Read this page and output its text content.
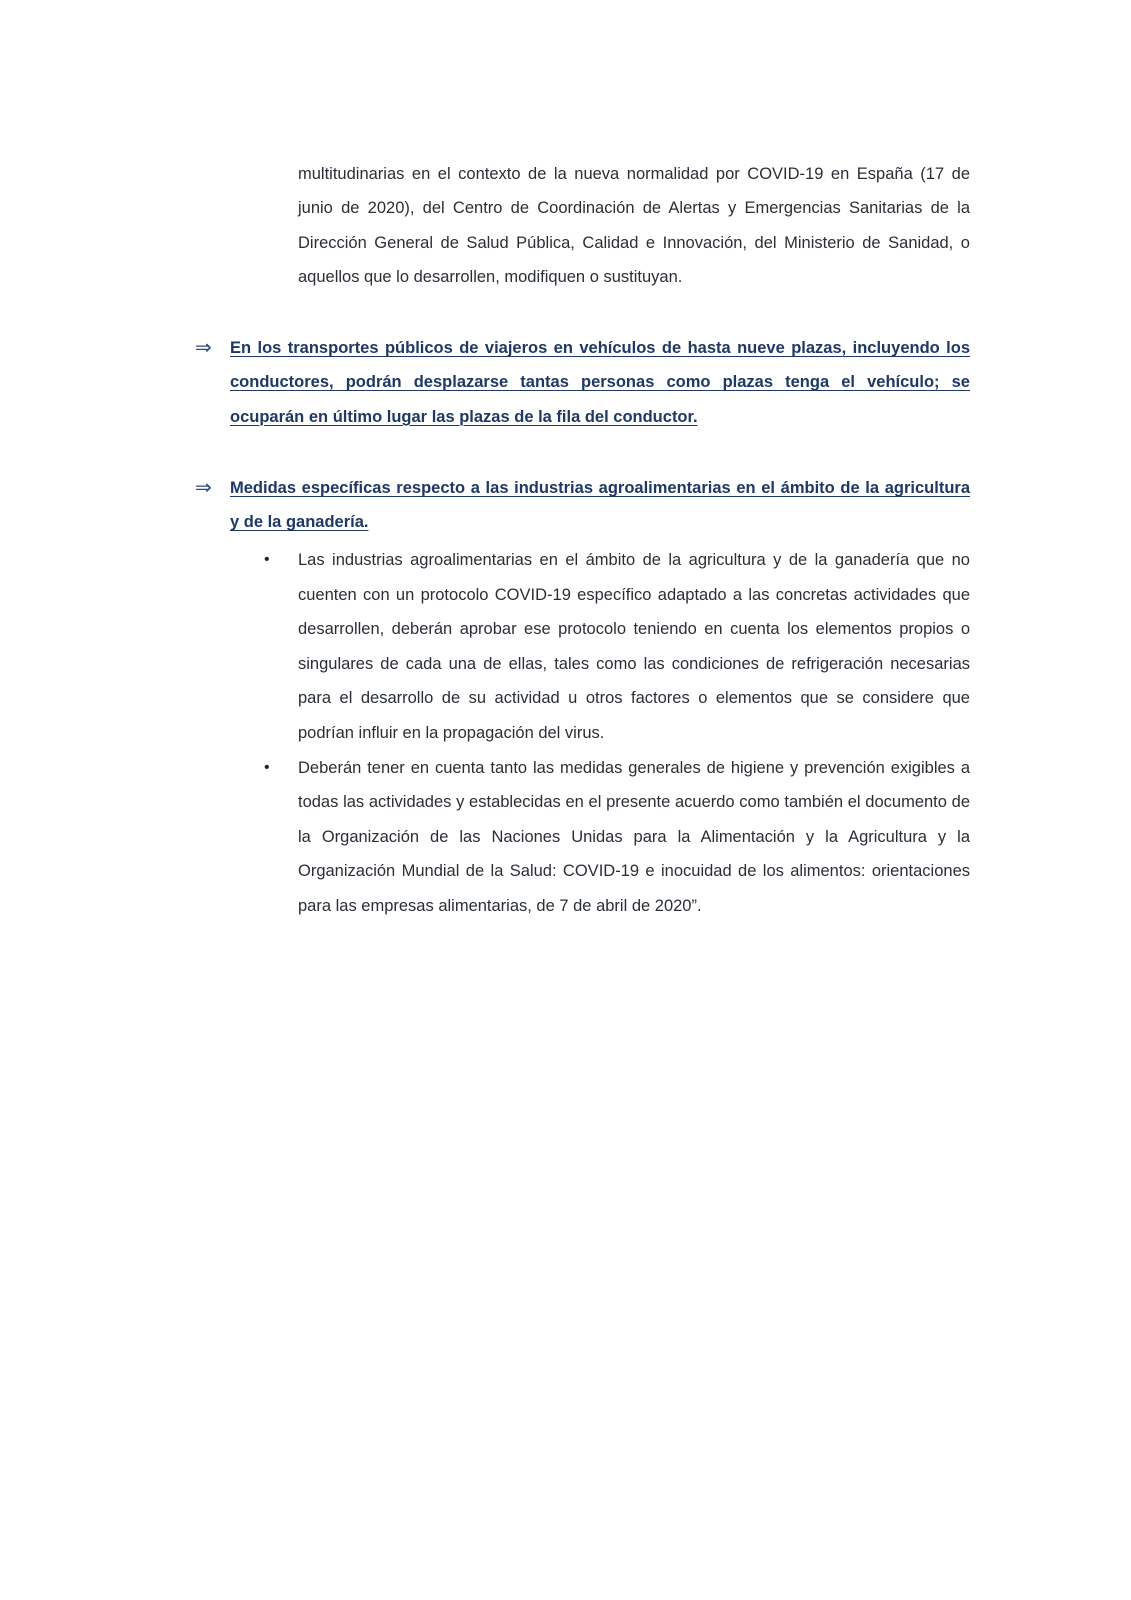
multitudinarias en el contexto de la nueva normalidad por COVID-19 en España (17 de junio de 2020), del Centro de Coordinación de Alertas y Emergencias Sanitarias de la Dirección General de Salud Pública, Calidad e Innovación, del Ministerio de Sanidad, o aquellos que lo desarrollen, modifiquen o sustituyan.

⇒ En los transportes públicos de viajeros en vehículos de hasta nueve plazas, incluyendo los conductores, podrán desplazarse tantas personas como plazas tenga el vehículo; se ocuparán en último lugar las plazas de la fila del conductor.

⇒ Medidas específicas respecto a las industrias agroalimentarias en el ámbito de la agricultura y de la ganadería.

• Las industrias agroalimentarias en el ámbito de la agricultura y de la ganadería que no cuenten con un protocolo COVID-19 específico adaptado a las concretas actividades que desarrollen, deberán aprobar ese protocolo teniendo en cuenta los elementos propios o singulares de cada una de ellas, tales como las condiciones de refrigeración necesarias para el desarrollo de su actividad u otros factores o elementos que se considere que podrían influir en la propagación del virus.
• Deberán tener en cuenta tanto las medidas generales de higiene y prevención exigibles a todas las actividades y establecidas en el presente acuerdo como también el documento de la Organización de las Naciones Unidas para la Alimentación y la Agricultura y la Organización Mundial de la Salud: COVID-19 e inocuidad de los alimentos: orientaciones para las empresas alimentarias, de 7 de abril de 2020”.
